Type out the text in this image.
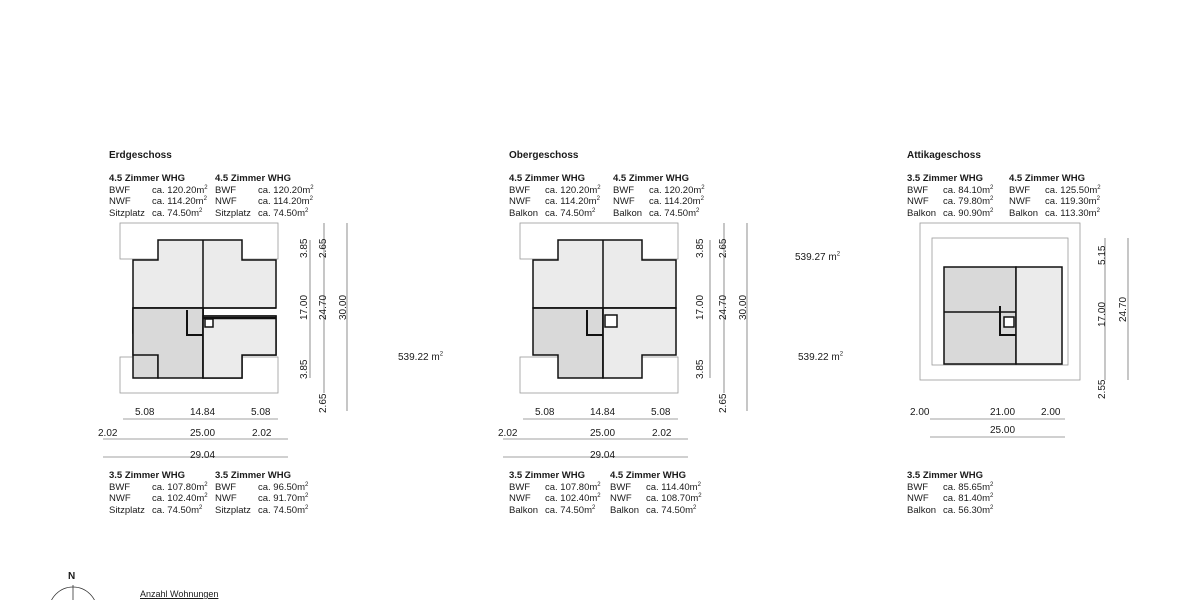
Erdgeschoss
4.5 Zimmer WHG
BWF ca. $120.20m^2$
NWF ca. $114.20m^2$
Sitzplatz ca. $74.50m^2$
4.5 Zimmer WHG
BWF ca. $120.20m^2$
NWF ca. $114.20m^2$
Sitzplatz ca. $74.50m^2$
3.85 2.65
17.00 24.70 30.00
3.85
2.65
539.22 $m^2$
5.08	14.84	5.08
2.02	25.00	2.02
29.04
3.5 Zimmer WHG
BWF ca. $107.80m^2$
NWF ca. $102.40m^2$
Sitzplatz ca. $74.50m^2$
3.5 Zimmer WHG
BWF ca. $96.50m^2$
NWF ca. $91.70m^2$
Sitzplatz ca. $74.50m^2$
Obergeschoss
4.5 Zimmer WHG
BWF ca. $120.20m^2$
NWF ca. $114.20m^2$
Balkon ca. $74.50m^2$
4.5 Zimmer WHG
BWF ca. $120.20m^2$
NWF ca. $114.20m^2$
Balkon ca. $74.50m^2$
3.85 2.65
17.00 24.70 30.00
3.85
2.65
539.27 $m^2$
539.22 $m^2$
5.08	14.84	5.08
2.02	25.00	2.02
29.04
3.5 Zimmer WHG
BWF ca. $107.80m^2$
NWF ca. $102.40m^2$
Balkon ca. $74.50m^2$
4.5 Zimmer WHG
BWF ca. $114.40m^2$
NWF ca. $108.70m^2$
Balkon ca. $74.50m^2$
Attikageschoss
3.5 Zimmer WHG
BWF ca. $84.10m^2$
NWF ca. $79.80m^2$
Balkon ca. $90.90m^2$
4.5 Zimmer WHG
BWF ca. $125.50m^2$
NWF ca. $119.30m^2$
Balkon ca. $113.30m^2$
5.15
17.00 24.70
2.55
2.00	21.00	2.00
25.00
3.5 Zimmer WHG
BWF ca. $85.65m^2$
NWF ca. $81.40m^2$
Balkon ca. $56.30m^2$
N
Anzahl Wohnungen
